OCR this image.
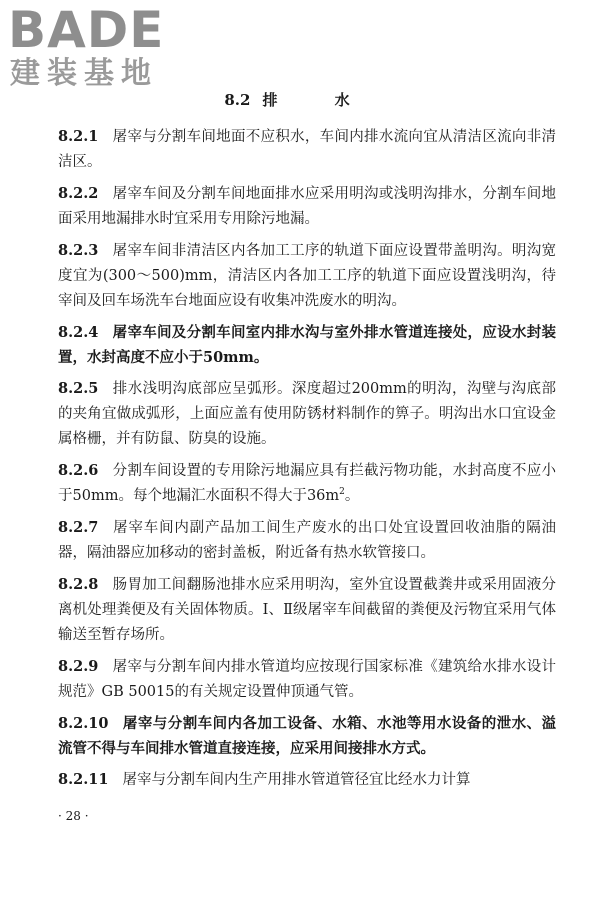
BADE
建装基地
8.2 排 水

8.2.1 屠宰与分割车间地面不应积水，车间内排水流向宜从清洁区流向非清洁区。

8.2.2 屠宰车间及分割车间地面排水应采用明沟或浅明沟排水，分割车间地面采用地漏排水时宜采用专用除污地漏。

8.2.3 屠宰车间非清洁区内各加工工序的轨道下面应设置带盖明沟。明沟宽度宜为(300～500)mm，清洁区内各加工工序的轨道下面应设置浅明沟，待宰间及回车场洗车台地面应设有收集冲洗废水的明沟。

8.2.4 屠宰车间及分割车间室内排水沟与室外排水管道连接处，应设水封装置，水封高度不应小于50mm。

8.2.5 排水浅明沟底部应呈弧形。深度超过200mm的明沟，沟壁与沟底部的夹角宜做成弧形，上面应盖有使用防锈材料制作的箅子。明沟出水口宜设金属格栅，并有防鼠、防臭的设施。

8.2.6 分割车间设置的专用除污地漏应具有拦截污物功能，水封高度不应小于50mm。每个地漏汇水面积不得大于$36m^2$。

8.2.7 屠宰车间内副产品加工间生产废水的出口处宜设置回收油脂的隔油器，隔油器应加移动的密封盖板，附近备有热水软管接口。

8.2.8 肠胃加工间翻肠池排水应采用明沟，室外宜设置截粪井或采用固液分离机处理粪便及有关固体物质。Ⅰ、Ⅱ级屠宰车间截留的粪便及污物宜采用气体输送至暂存场所。

8.2.9 屠宰与分割车间内排水管道均应按现行国家标准《建筑给水排水设计规范》GB 50015的有关规定设置伸顶通气管。

8.2.10 屠宰与分割车间内各加工设备、水箱、水池等用水设备的泄水、溢流管不得与车间排水管道直接连接，应采用间接排水方式。

8.2.11 屠宰与分割车间内生产用排水管道管径宜比经水力计算

· 28 ·
